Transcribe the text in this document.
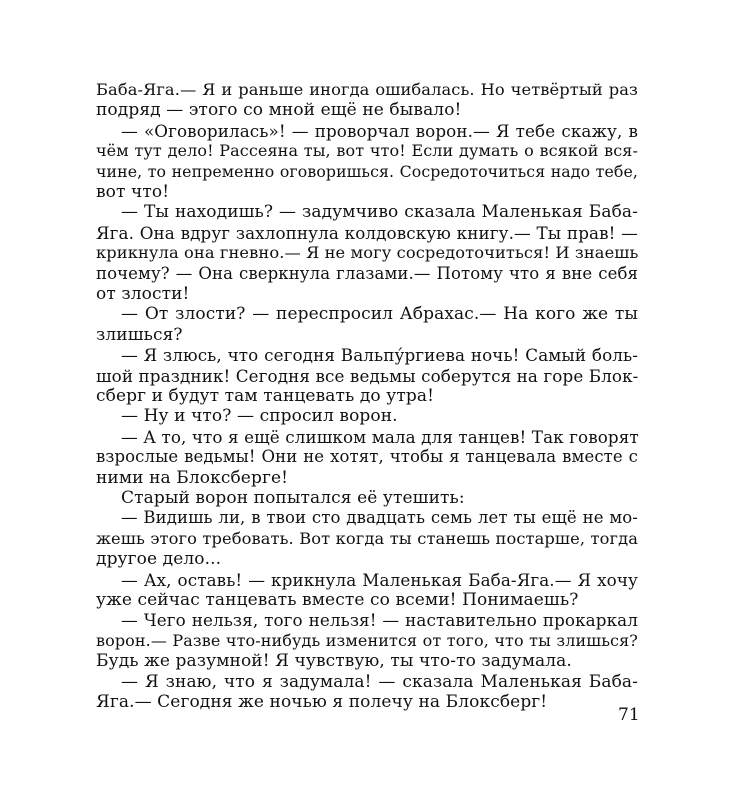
Баба-Яга.— Я и раньше иногда ошибалась. Но четвёртый раз
подряд — этого со мной ещё не бывало!
— «Оговорилась»! — проворчал ворон.— Я тебе скажу, в
чём тут дело! Рассеяна ты, вот что! Если думать о всякой вся-
чине, то непременно оговоришься. Сосредоточиться надо тебе,
вот что!
— Ты находишь? — задумчиво сказала Маленькая Баба-
Яга. Она вдруг захлопнула колдовскую книгу.— Ты прав! —
крикнула она гневно.— Я не могу сосредоточиться! И знаешь
почему? — Она сверкнула глазами.— Потому что я вне себя
от злости!
— От злости? — переспросил Абрахас.— На кого же ты
злишься?
— Я злюсь, что сегодня Вальпу́ргиева ночь! Самый боль-
шой праздник! Сегодня все ведьмы соберутся на горе Блок-
сберг и будут там танцевать до утра!
— Ну и что? — спросил ворон.
— А то, что я ещё слишком мала для танцев! Так говорят
взрослые ведьмы! Они не хотят, чтобы я танцевала вместе с
ними на Блоксберге!
Старый ворон попытался её утешить:
— Видишь ли, в твои сто двадцать семь лет ты ещё не мо-
жешь этого требовать. Вот когда ты станешь постарше, тогда
другое дело...
— Ах, оставь! — крикнула Маленькая Баба-Яга.— Я хочу
уже сейчас танцевать вместе со всеми! Понимаешь?
— Чего нельзя, того нельзя! — наставительно прокаркал
ворон.— Разве что-нибудь изменится от того, что ты злишься?
Будь же разумной! Я чувствую, ты что-то задумала.
— Я знаю, что я задумала! — сказала Маленькая Баба-
Яга.— Сегодня же ночью я полечу на Блоксберг!
71
